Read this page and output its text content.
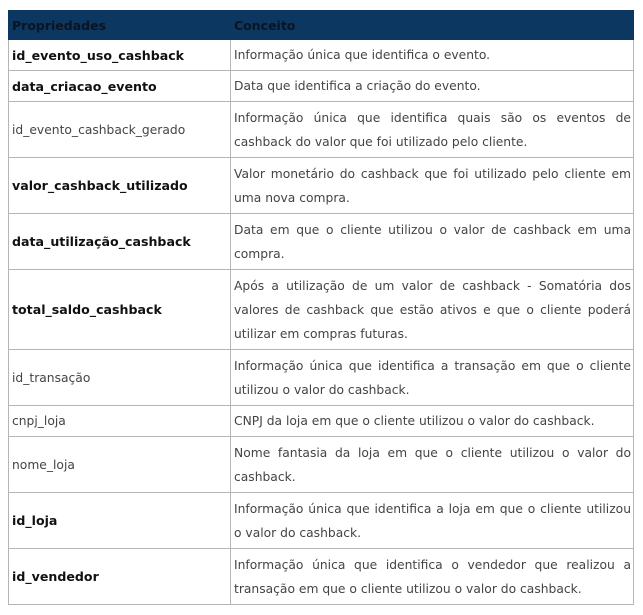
Propriedades	Conceito
id_evento_uso_cashback	Informação única que identifica o evento.
data_criacao_evento	Data que identifica a criação do evento.
id_evento_cashback_gerado	Informação única que identifica quais são os eventos de cashback do valor que foi utilizado pelo cliente.
valor_cashback_utilizado	Valor monetário do cashback que foi utilizado pelo cliente em uma nova compra.
data_utilização_cashback	Data em que o cliente utilizou o valor de cashback em uma compra.
total_saldo_cashback	Após a utilização de um valor de cashback - Somatória dos valores de cashback que estão ativos e que o cliente poderá utilizar em compras futuras.
id_transação	Informação única que identifica a transação em que o cliente utilizou o valor do cashback.
cnpj_loja	CNPJ da loja em que o cliente utilizou o valor do cashback.
nome_loja	Nome fantasia da loja em que o cliente utilizou o valor do cashback.
id_loja	Informação única que identifica a loja em que o cliente utilizou o valor do cashback.
id_vendedor	Informação única que identifica o vendedor que realizou a transação em que o cliente utilizou o valor do cashback.
